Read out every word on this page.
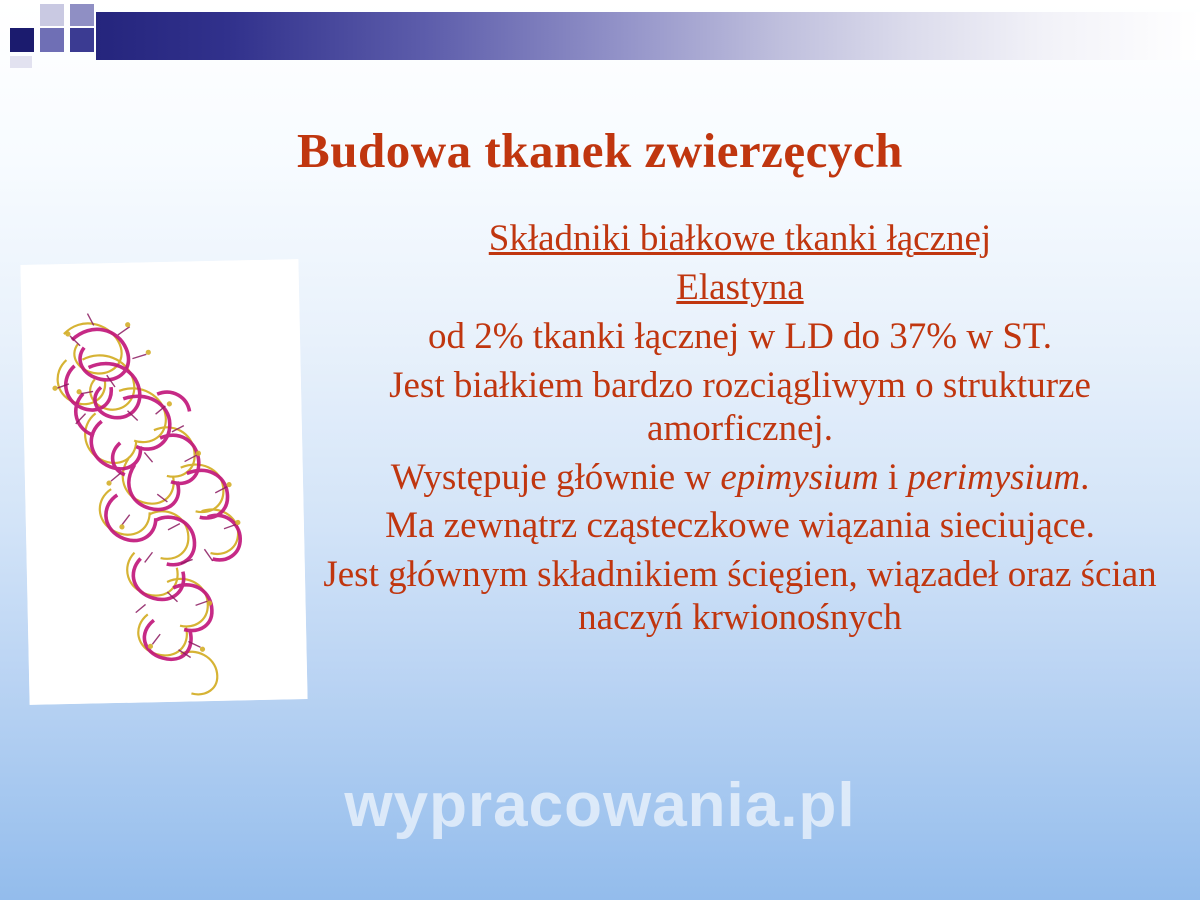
Budowa tkanek zwierzęcych

Składniki białkowe tkanki łącznej

Elastyna

od 2% tkanki łącznej w LD do 37% w ST.

Jest białkiem bardzo rozciągliwym o strukturze amorficznej.

Występuje głównie w epimysium i perimysium.

Ma zewnątrz cząsteczkowe wiązania sieciujące.

Jest głównym składnikiem ścięgien, wiązadeł oraz ścian naczyń krwionośnych

wypracowania.pl
